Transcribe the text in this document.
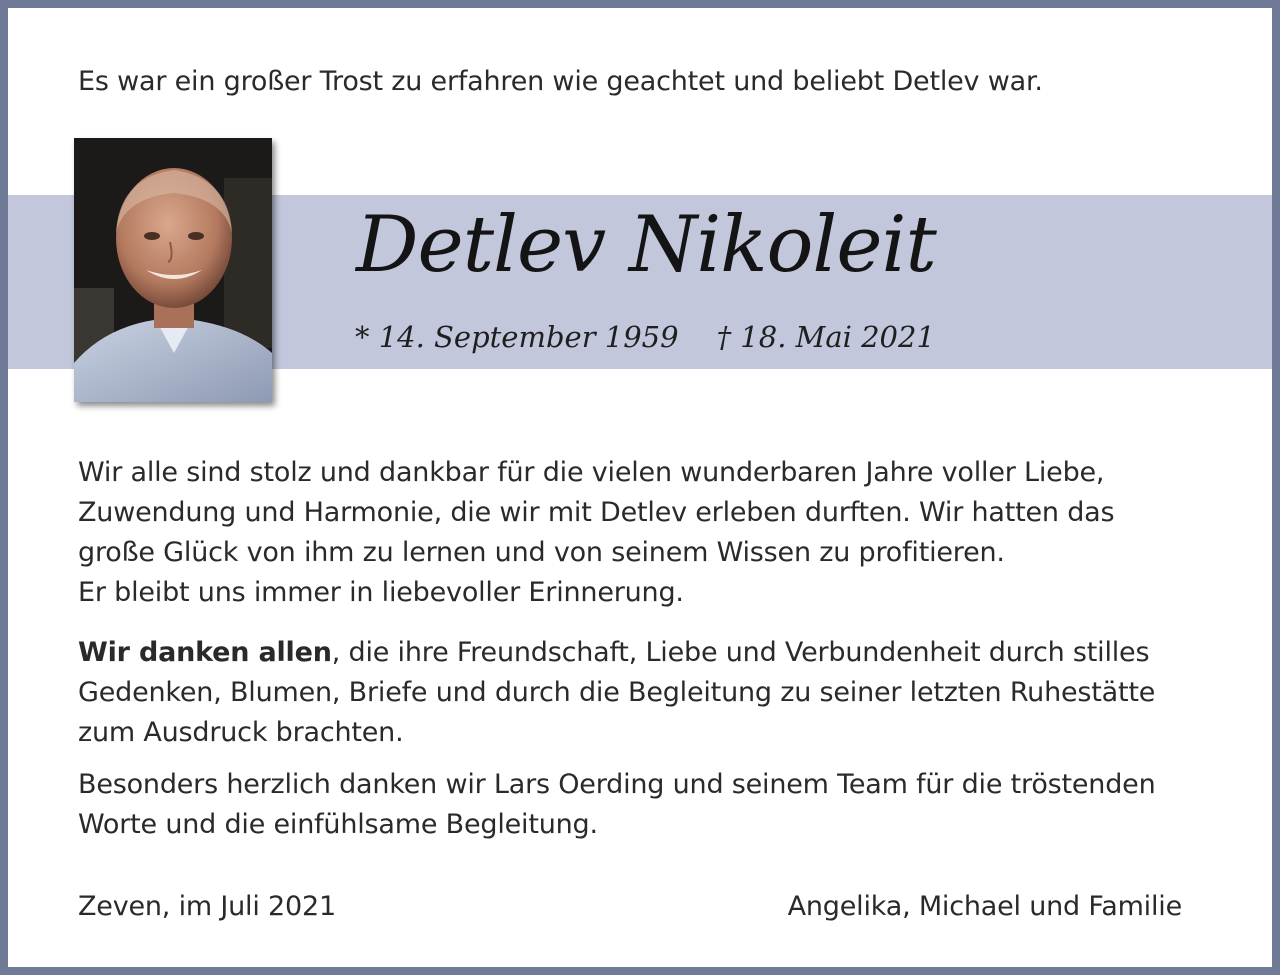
Es war ein großer Trost zu erfahren wie geachtet und beliebt Detlev war.
Detlev Nikoleit
* 14. September 1959 † 18. Mai 2021
Wir alle sind stolz und dankbar für die vielen wunderbaren Jahre voller Liebe,
Zuwendung und Harmonie, die wir mit Detlev erleben durften. Wir hatten das
große Glück von ihm zu lernen und von seinem Wissen zu profitieren.
Er bleibt uns immer in liebevoller Erinnerung.
Wir danken allen, die ihre Freundschaft, Liebe und Verbundenheit durch stilles
Gedenken, Blumen, Briefe und durch die Begleitung zu seiner letzten Ruhestätte
zum Ausdruck brachten.
Besonders herzlich danken wir Lars Oerding und seinem Team für die tröstenden
Worte und die einfühlsame Begleitung.
Zeven, im Juli 2021	Angelika, Michael und Familie
